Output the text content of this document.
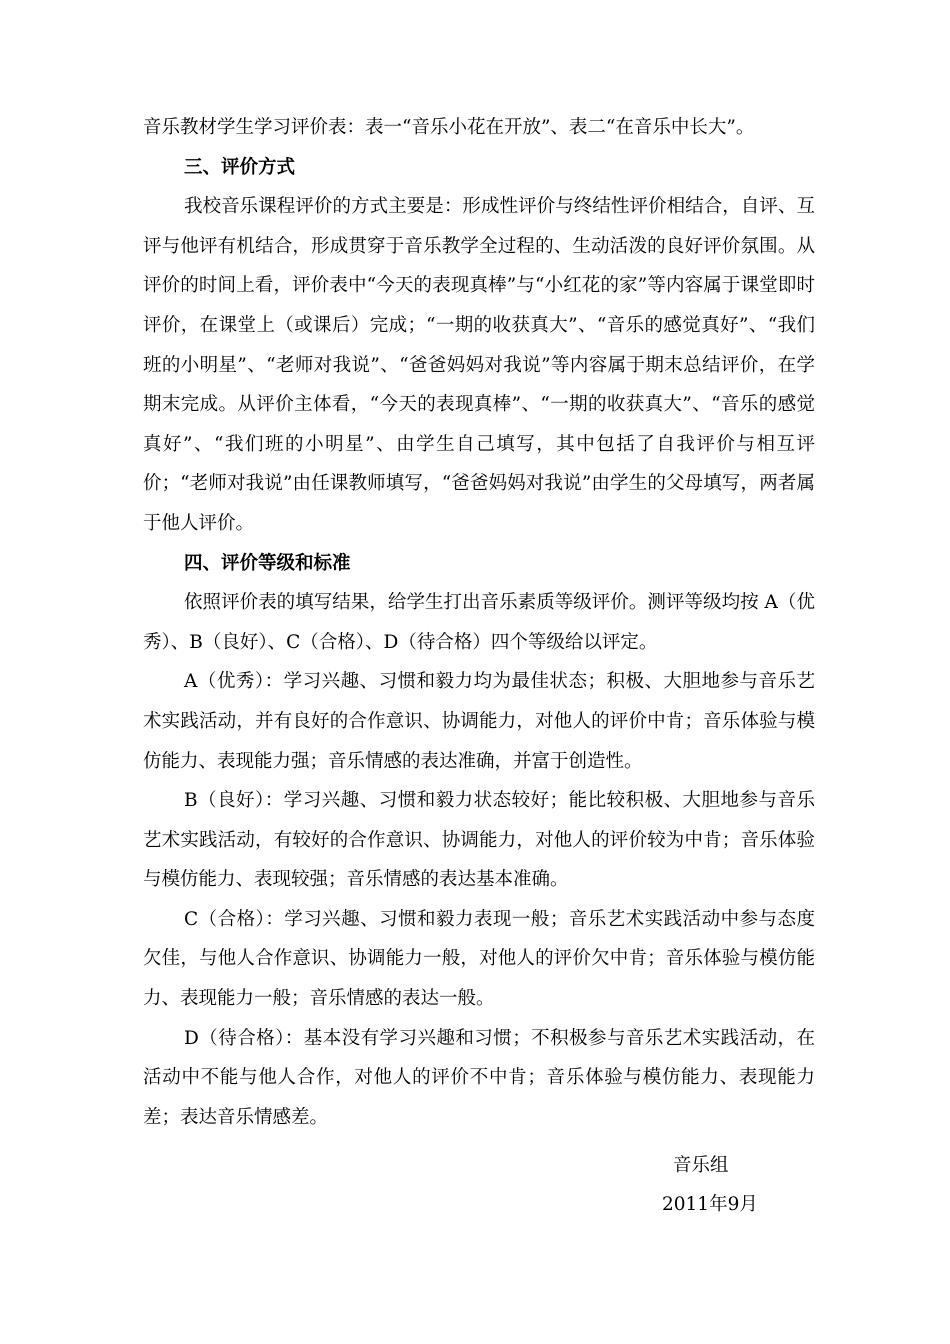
音乐教材学生学习评价表：表一“音乐小花在开放”、表二“在音乐中长大”。

三、评价方式

我校音乐课程评价的方式主要是：形成性评价与终结性评价相结合，自评、互评与他评有机结合，形成贯穿于音乐教学全过程的、生动活泼的良好评价氛围。从评价的时间上看，评价表中“今天的表现真棒”与“小红花的家”等内容属于课堂即时评价，在课堂上（或课后）完成；“一期的收获真大”、“音乐的感觉真好”、“我们班的小明星”、“老师对我说”、“爸爸妈妈对我说”等内容属于期末总结评价，在学期末完成。从评价主体看，“今天的表现真棒”、“一期的收获真大”、“音乐的感觉真好”、“我们班的小明星”、由学生自己填写，其中包括了自我评价与相互评价；“老师对我说”由任课教师填写，“爸爸妈妈对我说”由学生的父母填写，两者属于他人评价。

四、评价等级和标准

依照评价表的填写结果，给学生打出音乐素质等级评价。测评等级均按 A（优秀）、B（良好）、C（合格）、D（待合格）四个等级给以评定。

A（优秀）：学习兴趣、习惯和毅力均为最佳状态；积极、大胆地参与音乐艺术实践活动，并有良好的合作意识、协调能力，对他人的评价中肯；音乐体验与模仿能力、表现能力强；音乐情感的表达准确，并富于创造性。

B（良好）：学习兴趣、习惯和毅力状态较好；能比较积极、大胆地参与音乐艺术实践活动，有较好的合作意识、协调能力，对他人的评价较为中肯；音乐体验与模仿能力、表现较强；音乐情感的表达基本准确。

C（合格）：学习兴趣、习惯和毅力表现一般；音乐艺术实践活动中参与态度欠佳，与他人合作意识、协调能力一般，对他人的评价欠中肯；音乐体验与模仿能力、表现能力一般；音乐情感的表达一般。

D（待合格）：基本没有学习兴趣和习惯；不积极参与音乐艺术实践活动，在活动中不能与他人合作，对他人的评价不中肯；音乐体验与模仿能力、表现能力差；表达音乐情感差。

音乐组
2011年9月
